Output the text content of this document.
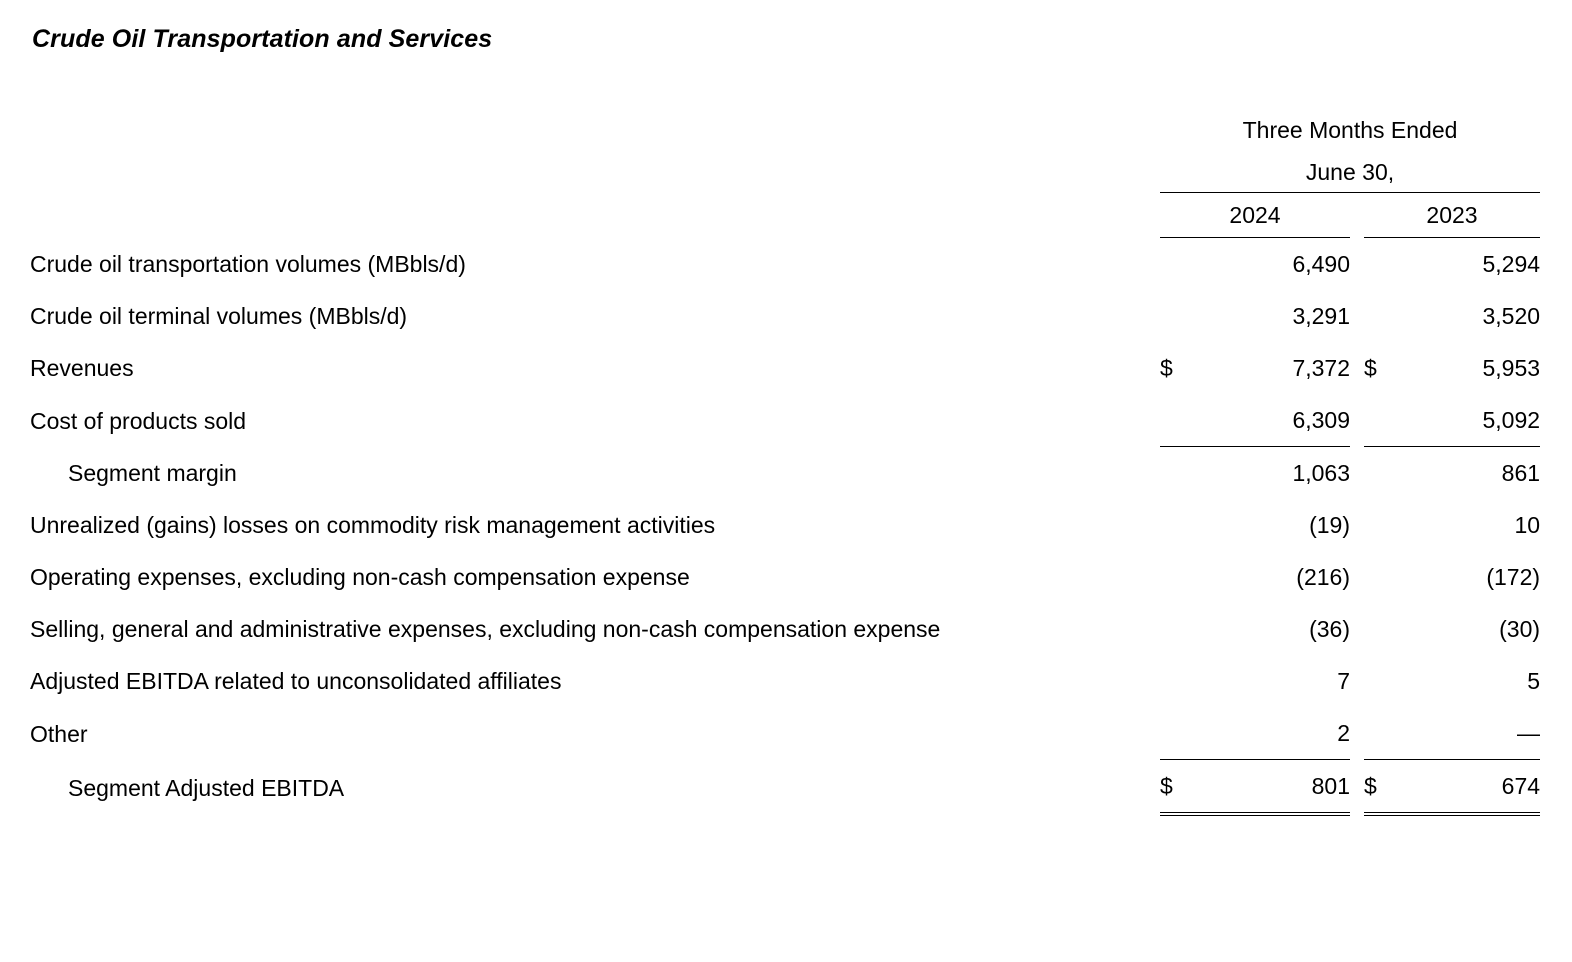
Crude Oil Transportation and Services
	Three Months Ended				
	June 30,				
	2024			2023	
Crude oil transportation volumes (MBbls/d)		6,490			5,294
Crude oil terminal volumes (MBbls/d)		3,291			3,520
Revenues	$	7,372		$	5,953
Cost of products sold		6,309			5,092
Segment margin		1,063			861
Unrealized (gains) losses on commodity risk management activities		(19)			10
Operating expenses, excluding non-cash compensation expense		(216)			(172)
Selling, general and administrative expenses, excluding non-cash compensation expense		(36)			(30)
Adjusted EBITDA related to unconsolidated affiliates		7			5
Other		2			—
Segment Adjusted EBITDA	$	801		$	674
